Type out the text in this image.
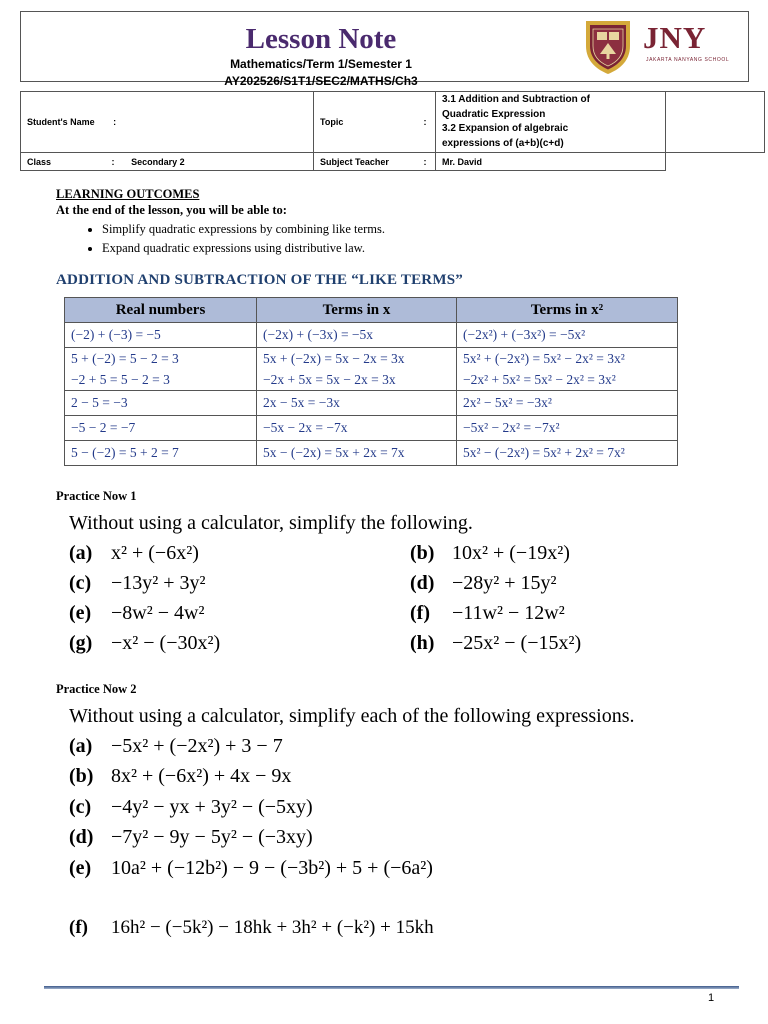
Lesson Note
Mathematics/Term 1/Semester 1
AY202526/S1T1/SEC2/MATHS/Ch3
JNY
JAKARTA NANYANG SCHOOL
Student's Name :	Topic	:	3.1 Addition and Subtraction of
Quadratic Expression
3.2 Expansion of algebraic
expressions of (a+b)(c+d)	

Class : Secondary 2	Subject Teacher	:	Mr. David	
LEARNING OUTCOMES
At the end of the lesson, you will be able to:
• Simplify quadratic expressions by combining like terms.
• Expand quadratic expressions using distributive law.
ADDITION AND SUBTRACTION OF THE “LIKE TERMS”
Real numbers	Terms in x	Terms in x²
(−2) + (−3) = −5	(−2x) + (−3x) = −5x	(−2x²) + (−3x²) = −5x²
5 + (−2) = 5 − 2 = 3	5x + (−2x) = 5x − 2x = 3x	5x² + (−2x²) = 5x² − 2x² = 3x²
−2 + 5 = 5 − 2 = 3	−2x + 5x = 5x − 2x = 3x	−2x² + 5x² = 5x² − 2x² = 3x²
2 − 5 = −3	2x − 5x = −3x	2x² − 5x² = −3x²
−5 − 2 = −7	−5x − 2x = −7x	−5x² − 2x² = −7x²
5 − (−2) = 5 + 2 = 7	5x − (−2x) = 5x + 2x = 7x	5x² − (−2x²) = 5x² + 2x² = 7x²
Practice Now 1
Without using a calculator, simplify the following.
(a) x² + (−6x²)	(b) 10x² + (−19x²)
(c) −13y² + 3y²	(d) −28y² + 15y²
(e) −8w² − 4w²	(f) −11w² − 12w²
(g) −x² − (−30x²)	(h) −25x² − (−15x²)
Practice Now 2
Without using a calculator, simplify each of the following expressions.
(a) −5x² + (−2x²) + 3 − 7
(b) 8x² + (−6x²) + 4x − 9x
(c) −4y² − yx + 3y² − (−5xy)
(d) −7y² − 9y − 5y² − (−3xy)
(e) 10a² + (−12b²) − 9 − (−3b²) + 5 + (−6a²)
(f) 16h² − (−5k²) − 18hk + 3h² + (−k²) + 15kh
1
